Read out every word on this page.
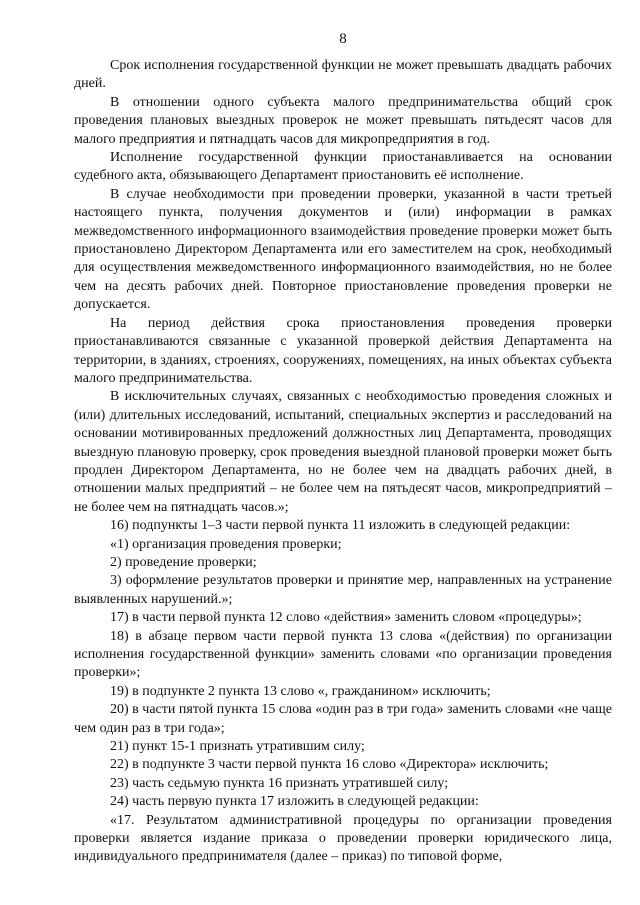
8

Срок исполнения государственной функции не может превышать двадцать рабочих дней.

В отношении одного субъекта малого предпринимательства общий срок проведения плановых выездных проверок не может превышать пятьдесят часов для малого предприятия и пятнадцать часов для микропредприятия в год.

Исполнение государственной функции приостанавливается на основании судебного акта, обязывающего Департамент приостановить её исполнение.

В случае необходимости при проведении проверки, указанной в части третьей настоящего пункта, получения документов и (или) информации в рамках межведомственного информационного взаимодействия проведение проверки может быть приостановлено Директором Департамента или его заместителем на срок, необходимый для осуществления межведомственного информационного взаимодействия, но не более чем на десять рабочих дней. Повторное приостановление проведения проверки не допускается.

На период действия срока приостановления проведения проверки приостанавливаются связанные с указанной проверкой действия Департамента на территории, в зданиях, строениях, сооружениях, помещениях, на иных объектах субъекта малого предпринимательства.

В исключительных случаях, связанных с необходимостью проведения сложных и (или) длительных исследований, испытаний, специальных экспертиз и расследований на основании мотивированных предложений должностных лиц Департамента, проводящих выездную плановую проверку, срок проведения выездной плановой проверки может быть продлен Директором Департамента, но не более чем на двадцать рабочих дней, в отношении малых предприятий – не более чем на пятьдесят часов, микропредприятий – не более чем на пятнадцать часов.»;

16) подпункты 1–3 части первой пункта 11 изложить в следующей редакции:

«1) организация проведения проверки;

2) проведение проверки;

3) оформление результатов проверки и принятие мер, направленных на устранение выявленных нарушений.»;

17) в части первой пункта 12 слово «действия» заменить словом «процедуры»;

18) в абзаце первом части первой пункта 13 слова «(действия) по организации исполнения государственной функции» заменить словами «по организации проведения проверки»;

19) в подпункте 2 пункта 13 слово «, гражданином» исключить;

20) в части пятой пункта 15 слова «один раз в три года» заменить словами «не чаще чем один раз в три года»;

21) пункт 15-1 признать утратившим силу;

22) в подпункте 3 части первой пункта 16 слово «Директора» исключить;

23) часть седьмую пункта 16 признать утратившей силу;

24) часть первую пункта 17 изложить в следующей редакции:

«17. Результатом административной процедуры по организации проведения проверки является издание приказа о проведении проверки юридического лица, индивидуального предпринимателя (далее – приказ) по типовой форме,
